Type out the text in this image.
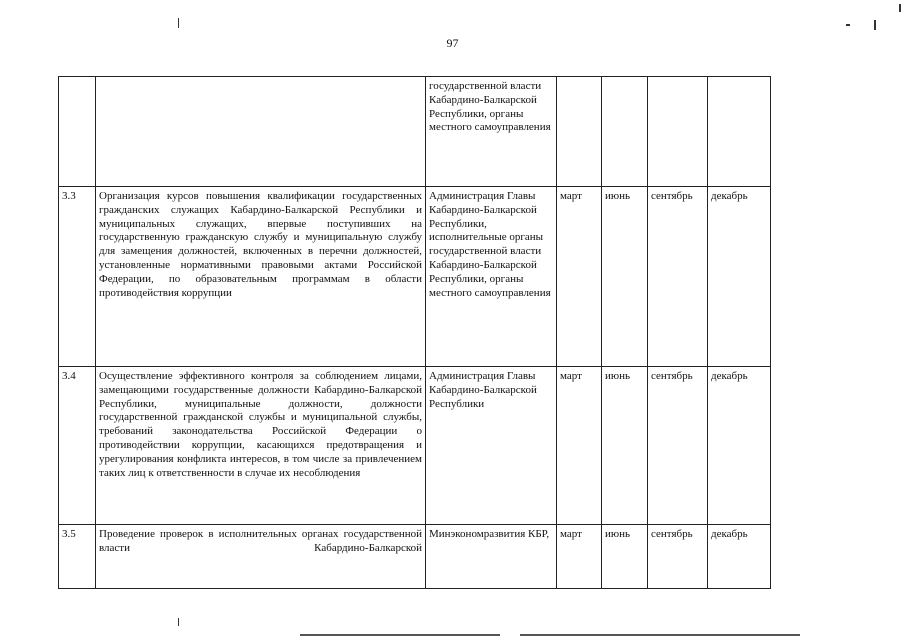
97
		государственной власти Кабардино-Балкарской Республики, органы местного самоуправления				
3.3	Организация курсов повышения квалификации государственных гражданских служащих Кабардино-Балкарской Республики и муниципальных служащих, впервые поступивших на государственную гражданскую службу и муниципальную службу для замещения должностей, включенных в перечни должностей, установленные нормативными правовыми актами Российской Федерации, по образовательным программам в области противодействия коррупции	Администрация Главы Кабардино-Балкарской Республики, исполнительные органы государственной власти Кабардино-Балкарской Республики, органы местного самоуправления	март	июнь	сентябрь	декабрь
3.4	Осуществление эффективного контроля за соблюдением лицами, замещающими государственные должности Кабардино-Балкарской Республики, муниципальные должности, должности государственной гражданской службы и муниципальной службы, требований законодательства Российской Федерации о противодействии коррупции, касающихся предотвращения и урегулирования конфликта интересов, в том числе за привлечением таких лиц к ответственности в случае их несоблюдения	Администрация Главы Кабардино-Балкарской Республики	март	июнь	сентябрь	декабрь
3.5	Проведение проверок в исполнительных органах государственной власти Кабардино-Балкарской	Минэкономразвития КБР,	март	июнь	сентябрь	декабрь
